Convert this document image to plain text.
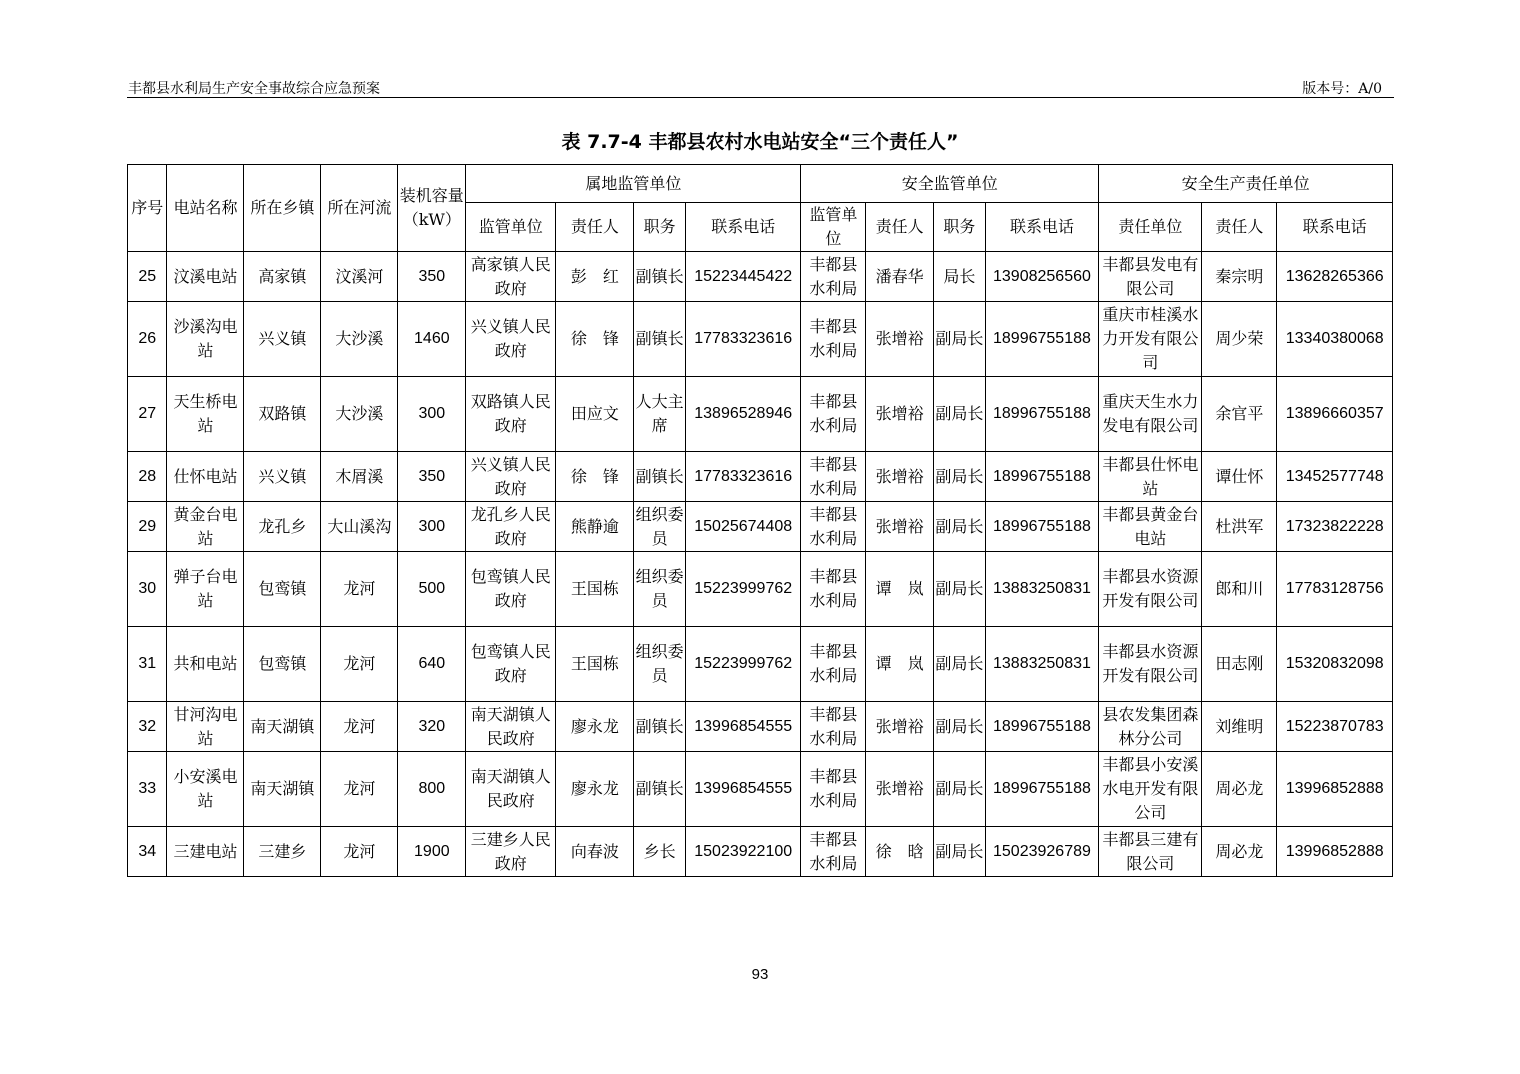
丰都县水利局生产安全事故综合应急预案	版本号：A/0
表 7.7-4 丰都县农村水电站安全“三个责任人”
序号	电站名称	所在乡镇	所在河流	装机容量（kW）	属地监管单位				安全监管单位				安全生产责任单位		
					监管单位	责任人	职务	联系电话	监管单位	责任人	职务	联系电话	责任单位	责任人	联系电话
25	汶溪电站	高家镇	汶溪河	350	高家镇人民政府	彭　红	副镇长	15223445422	丰都县水利局	潘春华	局长	13908256560	丰都县发电有限公司	秦宗明	13628265366
26	沙溪沟电站	兴义镇	大沙溪	1460	兴义镇人民政府	徐　锋	副镇长	17783323616	丰都县水利局	张增裕	副局长	18996755188	重庆市桂溪水力开发有限公司	周少荣	13340380068
27	天生桥电站	双路镇	大沙溪	300	双路镇人民政府	田应文	人大主席	13896528946	丰都县水利局	张增裕	副局长	18996755188	重庆天生水力发电有限公司	余官平	13896660357
28	仕怀电站	兴义镇	木屑溪	350	兴义镇人民政府	徐　锋	副镇长	17783323616	丰都县水利局	张增裕	副局长	18996755188	丰都县仕怀电站	谭仕怀	13452577748
29	黄金台电站	龙孔乡	大山溪沟	300	龙孔乡人民政府	熊静逾	组织委员	15025674408	丰都县水利局	张增裕	副局长	18996755188	丰都县黄金台电站	杜洪军	17323822228
30	弹子台电站	包鸾镇	龙河	500	包鸾镇人民政府	王国栋	组织委员	15223999762	丰都县水利局	谭　岚	副局长	13883250831	丰都县水资源开发有限公司	郎和川	17783128756
31	共和电站	包鸾镇	龙河	640	包鸾镇人民政府	王国栋	组织委员	15223999762	丰都县水利局	谭　岚	副局长	13883250831	丰都县水资源开发有限公司	田志刚	15320832098
32	甘河沟电站	南天湖镇	龙河	320	南天湖镇人民政府	廖永龙	副镇长	13996854555	丰都县水利局	张增裕	副局长	18996755188	县农发集团森林分公司	刘维明	15223870783
33	小安溪电站	南天湖镇	龙河	800	南天湖镇人民政府	廖永龙	副镇长	13996854555	丰都县水利局	张增裕	副局长	18996755188	丰都县小安溪水电开发有限公司	周必龙	13996852888
34	三建电站	三建乡	龙河	1900	三建乡人民政府	向春波	乡长	15023922100	丰都县水利局	徐　晗	副局长	15023926789	丰都县三建有限公司	周必龙	13996852888
93
